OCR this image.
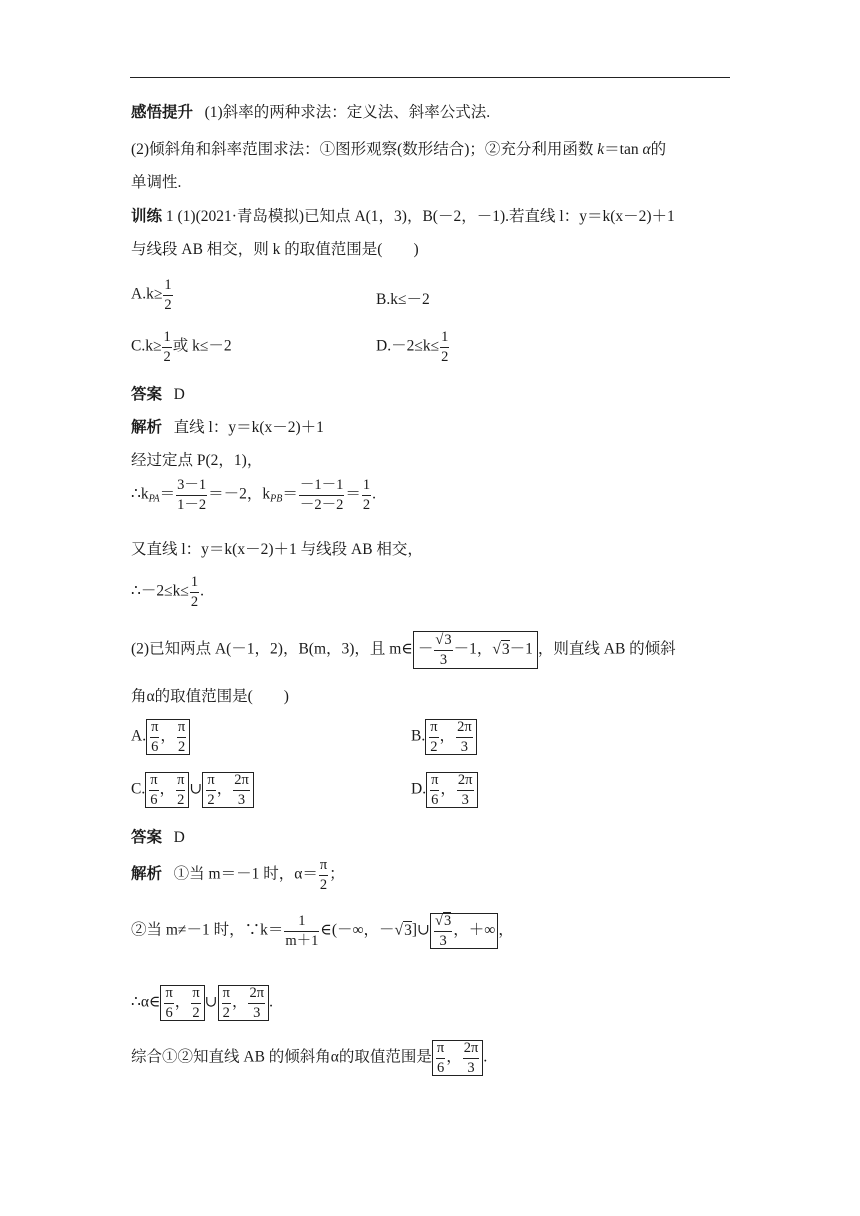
感悟提升 (1)斜率的两种求法：定义法、斜率公式法.
(2)倾斜角和斜率范围求法：①图形观察(数形结合)；②充分利用函数 k＝tan α的
单调性.
训练 1 (1)(2021·青岛模拟)已知点 A(1，3)，B(－2，－1).若直线 l：y＝k(x－2)＋1
与线段 AB 相交，则 k 的取值范围是(　　)
$A.k\ge \frac{1}{2}$	B.k≤－2
$C.k\ge \frac{1}{2}$ 或 k≤－2	$D.-2\le k\le \frac{1}{2}$
答案 D
解析 直线 l：y＝k(x－2)＋1
经过定点 P(2，1)，
$\therefore k_{PA}= \frac{3-1}{1-2} =-2$，$k_{PB}= \frac{-1-1}{-2-2} = \frac{1}{2}$ .
又直线 l：y＝k(x－2)＋1 与线段 AB 相交，
∴－2≤k≤ $\frac{1}{2}$ .
(2)已知两点 A(－1，2)，B(m，3)，且 m∈ － $\frac{√3}{3} -1$，√3－1 ，则直线 AB 的倾斜
角α的取值范围是(　　)
A. $\frac{\pi}{6}$ ， $\frac{\pi}{2}$	B. $\frac{\pi}{2}$ ， $\frac{2\pi}{3}$
C. $\frac{\pi}{6}$ ， $\frac{\pi}{2}$ ∪ $\frac{\pi}{2}$ ， $\frac{2\pi}{3}$	D. $\frac{\pi}{6}$ ， $\frac{2\pi}{3}$
答案 D
解析 ①当 m＝－1 时，$\alpha= \frac{\pi}{2}$ ；
②当 m≠－1 时，∵k＝ $\frac{1}{m+1}$ ∈(－∞，－√3]∪ $\frac{√3}{3}$ ，＋∞ ，
∴α∈ $\frac{\pi}{6}$ ， $\frac{\pi}{2}$ ∪ $\frac{\pi}{2}$ ， $\frac{2\pi}{3}$ .
综合①②知直线 AB 的倾斜角α的取值范围是 $\frac{\pi}{6}$ ， $\frac{2\pi}{3}$ .
